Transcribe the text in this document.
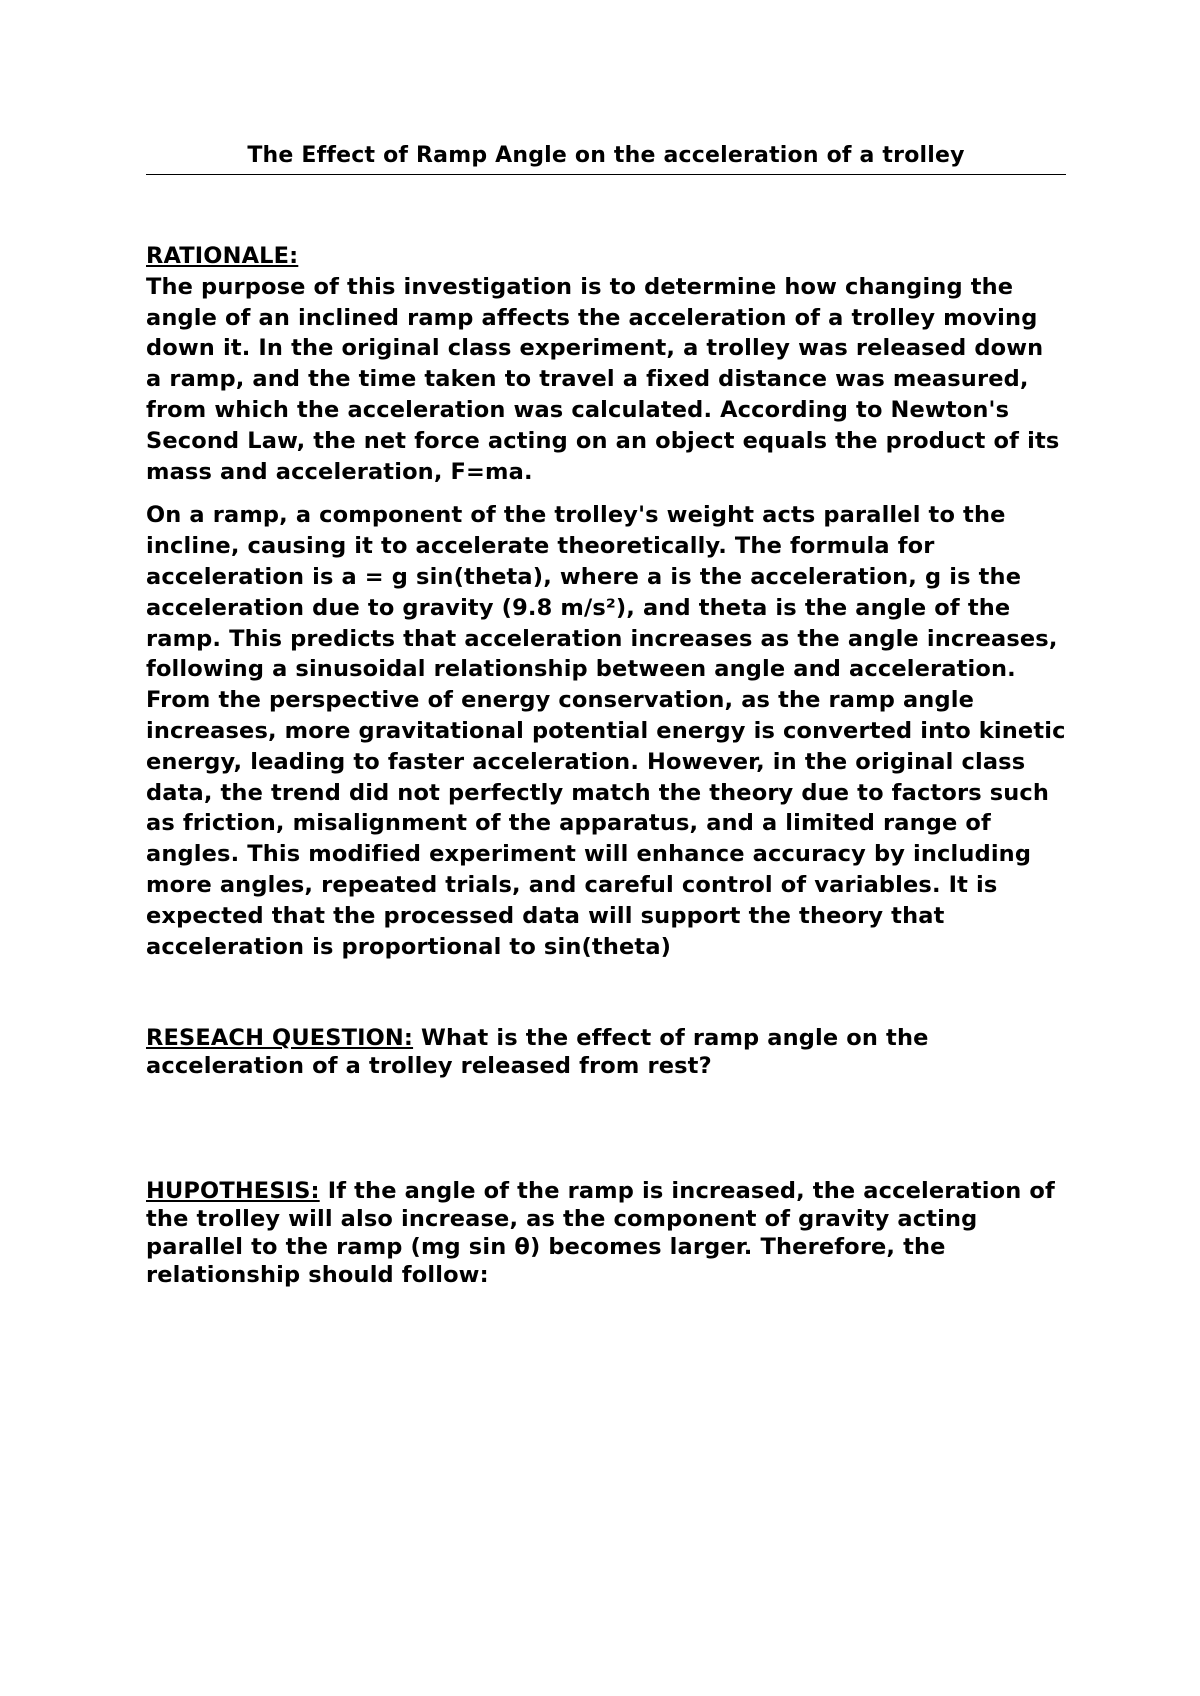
The Effect of Ramp Angle on the acceleration of a trolley
RATIONALE:

The purpose of this investigation is to determine how changing the angle of an inclined ramp affects the acceleration of a trolley moving down it. In the original class experiment, a trolley was released down a ramp, and the time taken to travel a fixed distance was measured, from which the acceleration was calculated. According to Newton's Second Law, the net force acting on an object equals the product of its mass and acceleration, F=ma.

On a ramp, a component of the trolley's weight acts parallel to the incline, causing it to accelerate theoretically. The formula for acceleration is a = g sin(theta), where a is the acceleration, g is the acceleration due to gravity (9.8 m/s²), and theta is the angle of the ramp. This predicts that acceleration increases as the angle increases, following a sinusoidal relationship between angle and acceleration. From the perspective of energy conservation, as the ramp angle increases, more gravitational potential energy is converted into kinetic energy, leading to faster acceleration. However, in the original class data, the trend did not perfectly match the theory due to factors such as friction, misalignment of the apparatus, and a limited range of angles. This modified experiment will enhance accuracy by including more angles, repeated trials, and careful control of variables. It is expected that the processed data will support the theory that acceleration is proportional to sin(theta)

RESEACH QUESTION: What is the effect of ramp angle on the acceleration of a trolley released from rest?

HUPOTHESIS: If the angle of the ramp is increased, the acceleration of the trolley will also increase, as the component of gravity acting parallel to the ramp (mg sin θ) becomes larger. Therefore, the relationship should follow:
